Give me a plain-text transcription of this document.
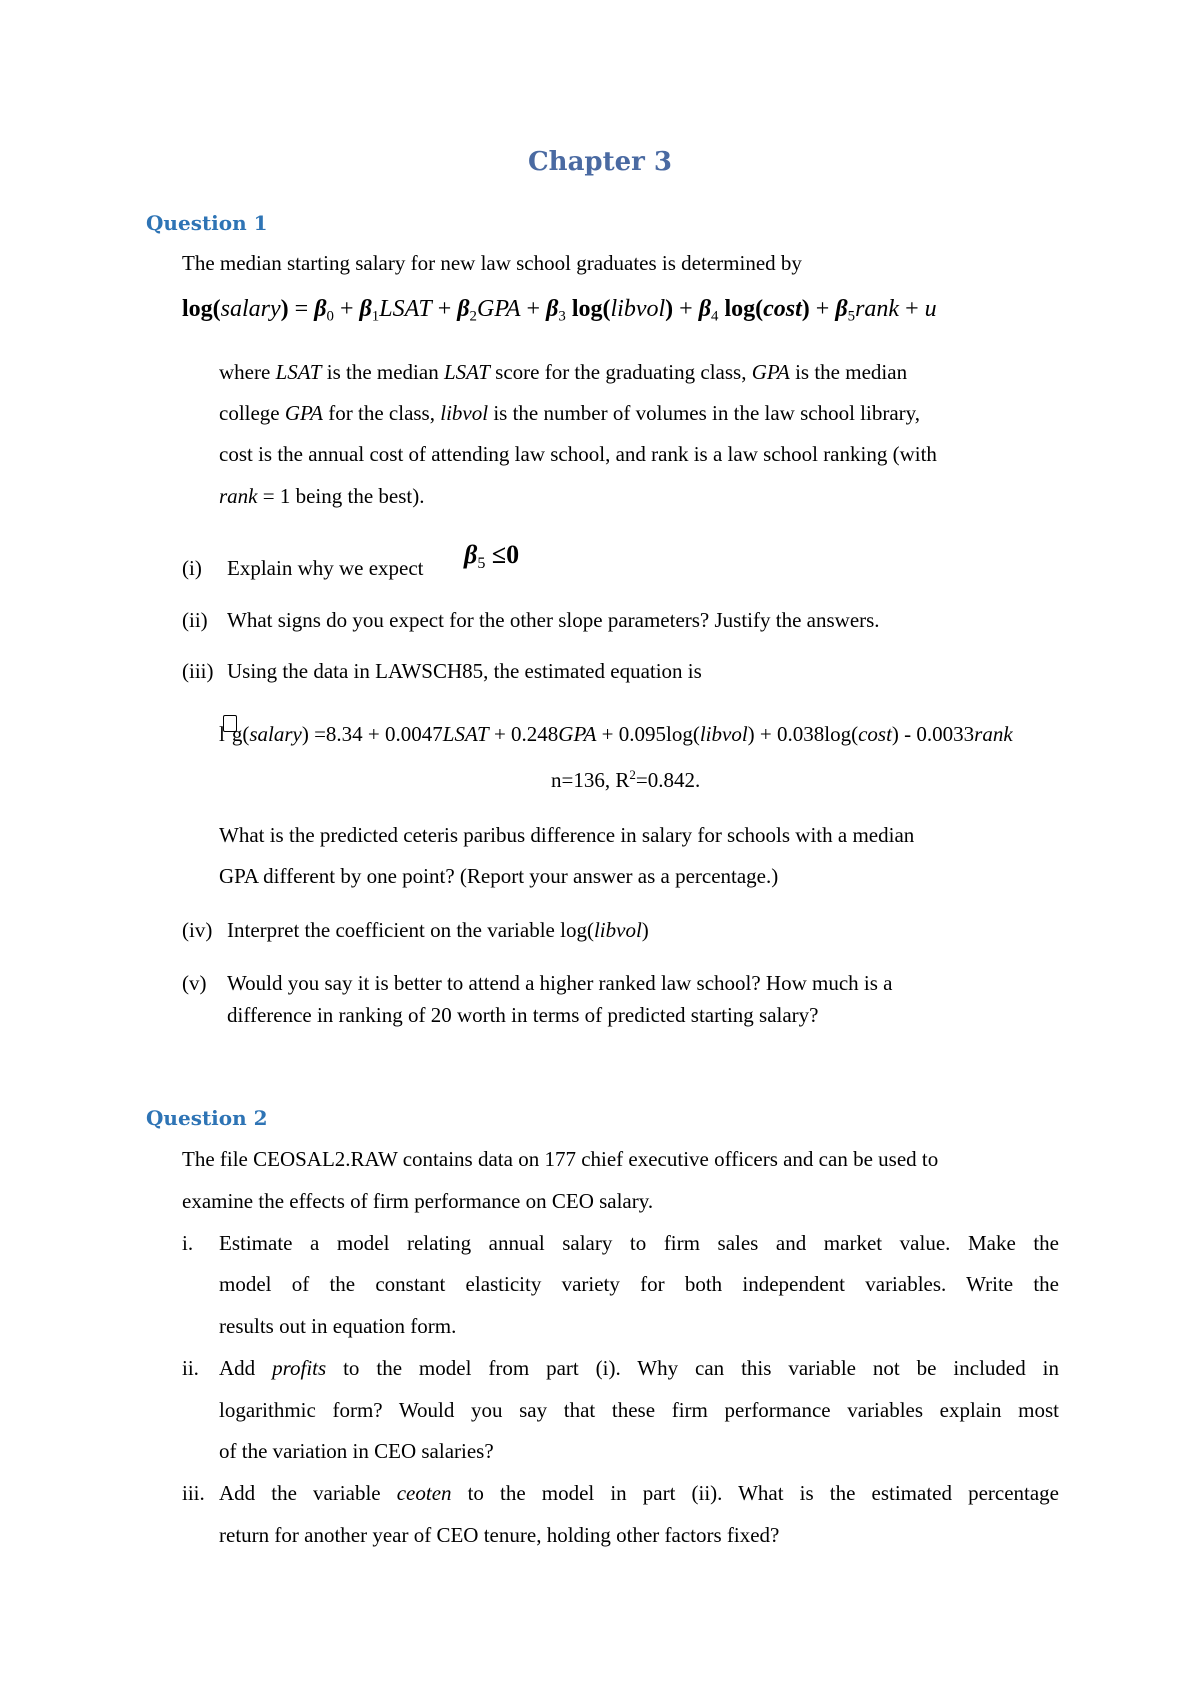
Chapter 3
Question 1
The median starting salary for new law school graduates is determined by
log(salary) = $\beta_0$ + $\beta_1LSAT + \beta_2GPA + \beta_3$ log(libvol) + $\beta_4$ $\log(\cos t) + \beta_5rank + u$
where LSAT is the median LSAT score for the graduating class, GPA is the median
college GPA for the class, libvol is the number of volumes in the law school library,
cost is the annual cost of attending law school, and rank is a law school ranking (with
rank = 1 being the best).
(i) Explain why we expect $\beta_5 \le 0$
(ii) What signs do you expect for the other slope parameters? Justify the answers.
(iii) Using the data in LAWSCH85, the estimated equation is
l g(salary) =8.34 + 0.0047LSAT + 0.248GPA + 0.095log(libvol) + 0.038log(cost) - 0.0033rank
n=136, $R^2=0.842$.
What is the predicted ceteris paribus difference in salary for schools with a median
GPA different by one point? (Report your answer as a percentage.)
(iv) Interpret the coefficient on the variable log(libvol)
(v) Would you say it is better to attend a higher ranked law school? How much is a
difference in ranking of 20 worth in terms of predicted starting salary?
Question 2
The file CEOSAL2.RAW contains data on 177 chief executive officers and can be used to
examine the effects of firm performance on CEO salary.
i. Estimate a model relating annual salary to firm sales and market value. Make the
model of the constant elasticity variety for both independent variables. Write the
results out in equation form.
ii. Add profits to the model from part (i). Why can this variable not be included in
logarithmic form? Would you say that these firm performance variables explain most
of the variation in CEO salaries?
iii. Add the variable ceoten to the model in part (ii). What is the estimated percentage
return for another year of CEO tenure, holding other factors fixed?
